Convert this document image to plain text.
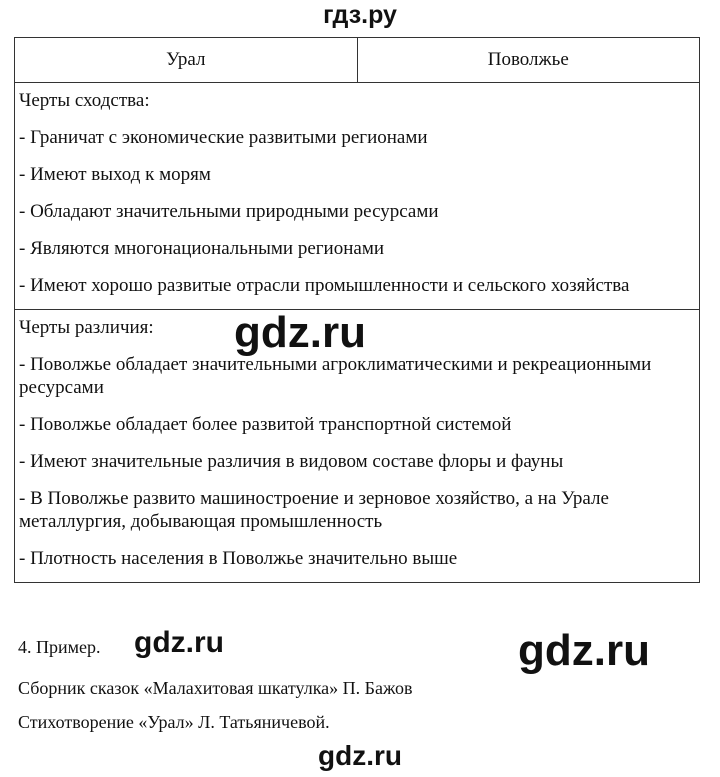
гдз.ру
Урал	Поволжье
Черты сходства:
- Граничат с экономические развитыми регионами
- Имеют выход к морям
- Обладают значительными природными ресурсами
- Являются многонациональными регионами
- Имеют хорошо развитые отрасли промышленности и сельского хозяйства
Черты различия:
- Поволжье обладает значительными агроклиматическими и рекреационными ресурсами
- Поволжье обладает более развитой транспортной системой
- Имеют значительные различия в видовом составе флоры и фауны
- В Поволжье развито машиностроение и зерновое хозяйство, а на Урале металлургия, добывающая промышленность
- Плотность населения в Поволжье значительно выше
4. Пример.
Сборник сказок «Малахитовая шкатулка» П. Бажов
Стихотворение «Урал» Л. Татьяничевой.
gdz.ru
gdz.ru	gdz.ru
gdz.ru
